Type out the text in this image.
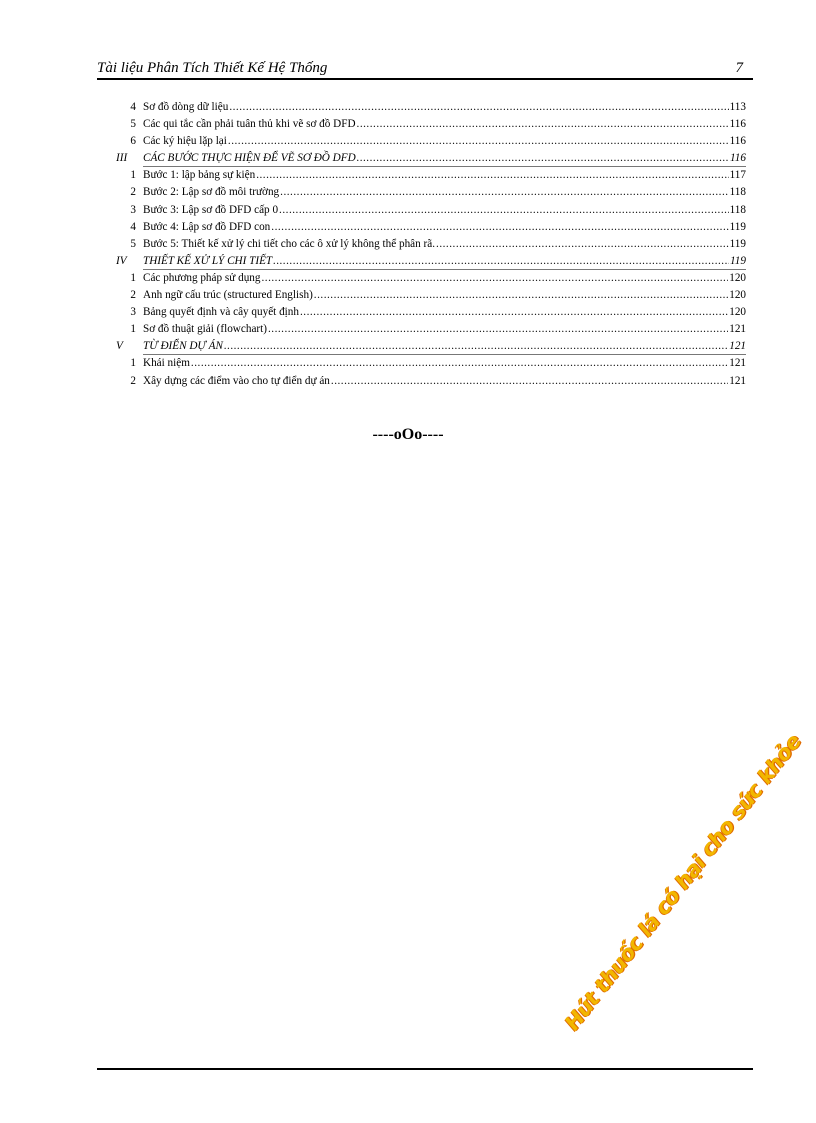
Tài liệu Phân Tích Thiết Kế Hệ Thống	7
4 Sơ đồ dòng dữ liệu .....	113
5 Các qui tắc cần phải tuân thủ khi vẽ sơ đồ DFD .....	116
6 Các ký hiệu lặp lại .....	116
III CÁC BƯỚC THỰC HIỆN ĐỂ VẼ SƠ ĐỒ DFD .....	116
1 Bước 1: lập bảng sự kiện .....	117
2 Bước 2: Lập sơ đồ môi trường .....	118
3 Bước 3: Lập sơ đồ DFD cấp 0 .....	118
4 Bước 4: Lập sơ đồ DFD con .....	119
5 Bước 5: Thiết kế xử lý chi tiết cho các ô xử lý không thể phân rã. .....	119
IV THIẾT KẾ XỬ LÝ CHI TIẾT .....	119
1 Các phương pháp sử dụng .....	120
2 Anh ngữ cấu trúc (structured English) .....	120
3 Bảng quyết định và cây quyết định .....	120
1 Sơ đồ thuật giải (flowchart) .....	121
V TỪ ĐIỂN DỰ ÁN .....	121
1 Khái niệm .....	121
2 Xây dựng các điểm vào cho tự điển dự án .....	121
----oOo----
Hút thuốc lá có hại cho sức khỏe
